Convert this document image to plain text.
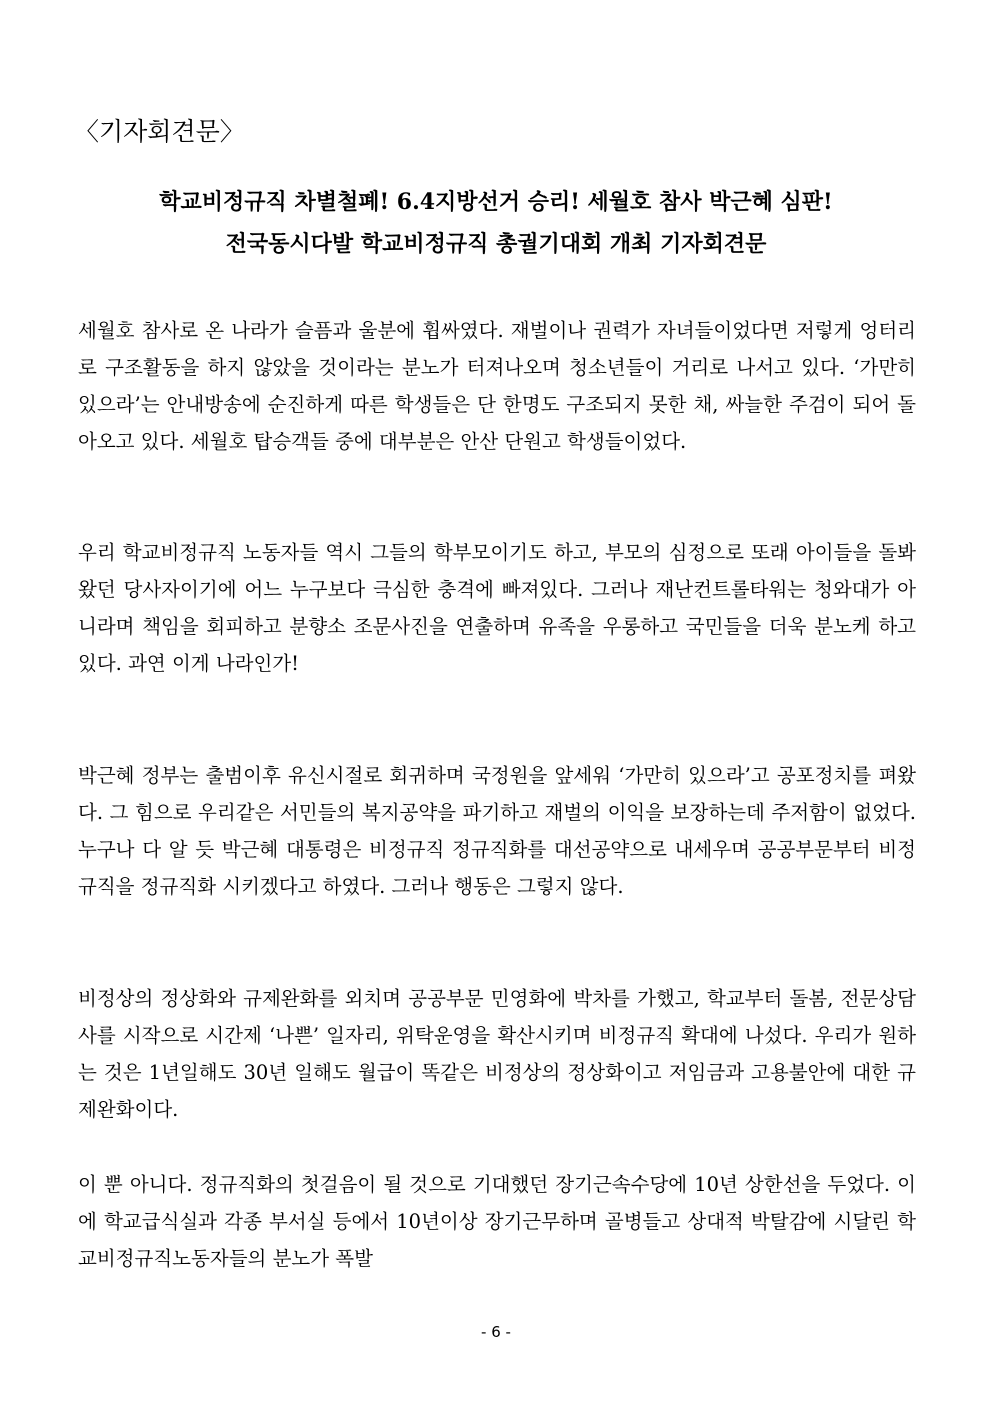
〈기자회견문〉
학교비정규직 차별철폐! 6.4지방선거 승리! 세월호 참사 박근혜 심판!
전국동시다발 학교비정규직 총궐기대회 개최 기자회견문

세월호 참사로 온 나라가 슬픔과 울분에 휩싸였다. 재벌이나 권력가 자녀들이었다면 저렇게 엉터리로 구조활동을 하지 않았을 것이라는 분노가 터져나오며 청소년들이 거리로 나서고 있다. ‘가만히 있으라’는 안내방송에 순진하게 따른 학생들은 단 한명도 구조되지 못한 채, 싸늘한 주검이 되어 돌아오고 있다. 세월호 탑승객들 중에 대부분은 안산 단원고 학생들이었다.

우리 학교비정규직 노동자들 역시 그들의 학부모이기도 하고, 부모의 심정으로 또래 아이들을 돌봐왔던 당사자이기에 어느 누구보다 극심한 충격에 빠져있다. 그러나 재난컨트롤타워는 청와대가 아니라며 책임을 회피하고 분향소 조문사진을 연출하며 유족을 우롱하고 국민들을 더욱 분노케 하고 있다. 과연 이게 나라인가!

박근혜 정부는 출범이후 유신시절로 회귀하며 국정원을 앞세워 ‘가만히 있으라’고 공포정치를 펴왔다. 그 힘으로 우리같은 서민들의 복지공약을 파기하고 재벌의 이익을 보장하는데 주저함이 없었다. 누구나 다 알 듯 박근혜 대통령은 비정규직 정규직화를 대선공약으로 내세우며 공공부문부터 비정규직을 정규직화 시키겠다고 하였다. 그러나 행동은 그렇지 않다.

비정상의 정상화와 규제완화를 외치며 공공부문 민영화에 박차를 가했고, 학교부터 돌봄, 전문상담사를 시작으로 시간제 ‘나쁜’ 일자리, 위탁운영을 확산시키며 비정규직 확대에 나섰다. 우리가 원하는 것은 1년일해도 30년 일해도 월급이 똑같은 비정상의 정상화이고 저임금과 고용불안에 대한 규제완화이다.

이 뿐 아니다. 정규직화의 첫걸음이 될 것으로 기대했던 장기근속수당에 10년 상한선을 두었다. 이에 학교급식실과 각종 부서실 등에서 10년이상 장기근무하며 골병들고 상대적 박탈감에 시달린 학교비정규직노동자들의 분노가 폭발

- 6 -
